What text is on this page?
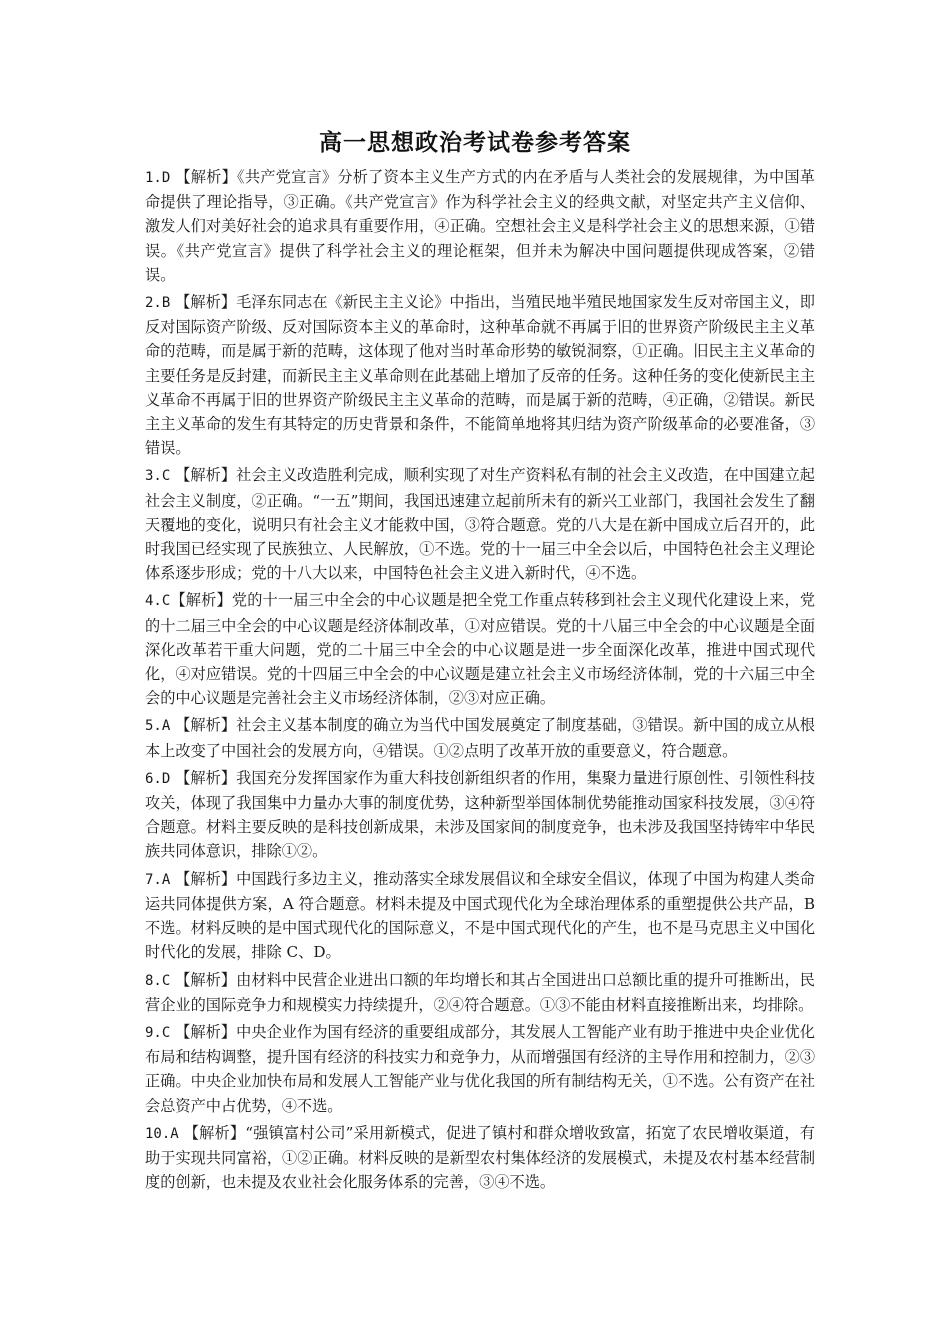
高一思想政治考试卷参考答案
1.D 【解析】《共产党宣言》分析了资本主义生产方式的内在矛盾与人类社会的发展规律，为中国革命提供了理论指导，③正确。《共产党宣言》作为科学社会主义的经典文献，对坚定共产主义信仰、激发人们对美好社会的追求具有重要作用，④正确。空想社会主义是科学社会主义的思想来源，①错误。《共产党宣言》提供了科学社会主义的理论框架，但并未为解决中国问题提供现成答案，②错误。
2.B 【解析】毛泽东同志在《新民主主义论》中指出，当殖民地半殖民地国家发生反对帝国主义，即反对国际资产阶级、反对国际资本主义的革命时，这种革命就不再属于旧的世界资产阶级民主主义革命的范畴，而是属于新的范畴，这体现了他对当时革命形势的敏锐洞察，①正确。旧民主主义革命的主要任务是反封建，而新民主主义革命则在此基础上增加了反帝的任务。这种任务的变化使新民主主义革命不再属于旧的世界资产阶级民主主义革命的范畴，而是属于新的范畴，④正确，②错误。新民主主义革命的发生有其特定的历史背景和条件，不能简单地将其归结为资产阶级革命的必要准备，③错误。
3.C 【解析】社会主义改造胜利完成，顺利实现了对生产资料私有制的社会主义改造，在中国建立起社会主义制度，②正确。“一五”期间，我国迅速建立起前所未有的新兴工业部门，我国社会发生了翻天覆地的变化，说明只有社会主义才能救中国，③符合题意。党的八大是在新中国成立后召开的，此时我国已经实现了民族独立、人民解放，①不选。党的十一届三中全会以后，中国特色社会主义理论体系逐步形成；党的十八大以来，中国特色社会主义进入新时代，④不选。
4.C【解析】党的十一届三中全会的中心议题是把全党工作重点转移到社会主义现代化建设上来，党的十二届三中全会的中心议题是经济体制改革，①对应错误。党的十八届三中全会的中心议题是全面深化改革若干重大问题，党的二十届三中全会的中心议题是进一步全面深化改革，推进中国式现代化，④对应错误。党的十四届三中全会的中心议题是建立社会主义市场经济体制，党的十六届三中全会的中心议题是完善社会主义市场经济体制，②③对应正确。
5.A 【解析】社会主义基本制度的确立为当代中国发展奠定了制度基础，③错误。新中国的成立从根本上改变了中国社会的发展方向，④错误。①②点明了改革开放的重要意义，符合题意。
6.D 【解析】我国充分发挥国家作为重大科技创新组织者的作用，集聚力量进行原创性、引领性科技攻关，体现了我国集中力量办大事的制度优势，这种新型举国体制优势能推动国家科技发展，③④符合题意。材料主要反映的是科技创新成果，未涉及国家间的制度竞争，也未涉及我国坚持铸牢中华民族共同体意识，排除①②。
7.A 【解析】中国践行多边主义，推动落实全球发展倡议和全球安全倡议，体现了中国为构建人类命运共同体提供方案，A 符合题意。材料未提及中国式现代化为全球治理体系的重塑提供公共产品，B 不选。材料反映的是中国式现代化的国际意义，不是中国式现代化的产生，也不是马克思主义中国化时代化的发展，排除 C、D。
8.C 【解析】由材料中民营企业进出口额的年均增长和其占全国进出口总额比重的提升可推断出，民营企业的国际竞争力和规模实力持续提升，②④符合题意。①③不能由材料直接推断出来，均排除。
9.C 【解析】中央企业作为国有经济的重要组成部分，其发展人工智能产业有助于推进中央企业优化布局和结构调整，提升国有经济的科技实力和竞争力，从而增强国有经济的主导作用和控制力，②③正确。中央企业加快布局和发展人工智能产业与优化我国的所有制结构无关，①不选。公有资产在社会总资产中占优势，④不选。
10.A 【解析】“强镇富村公司”采用新模式，促进了镇村和群众增收致富，拓宽了农民增收渠道，有助于实现共同富裕，①②正确。材料反映的是新型农村集体经济的发展模式，未提及农村基本经营制度的创新，也未提及农业社会化服务体系的完善，③④不选。
